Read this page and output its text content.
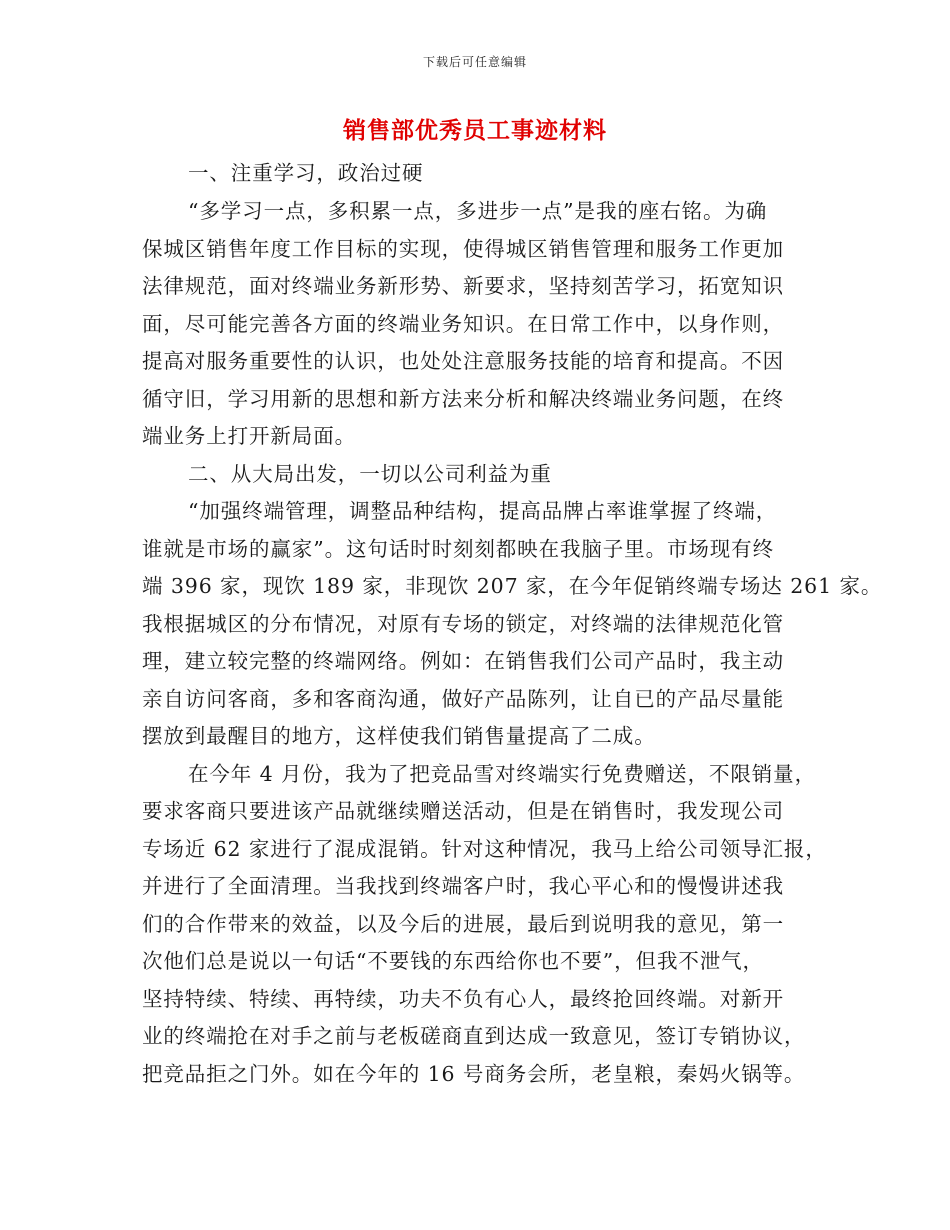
下载后可任意编辑
销售部优秀员工事迹材料
一、注重学习，政治过硬
“多学习一点，多积累一点，多进步一点”是我的座右铭。为确
保城区销售年度工作目标的实现，使得城区销售管理和服务工作更加
法律规范，面对终端业务新形势、新要求，坚持刻苦学习，拓宽知识
面，尽可能完善各方面的终端业务知识。在日常工作中，以身作则，
提高对服务重要性的认识，也处处注意服务技能的培育和提高。不因
循守旧，学习用新的思想和新方法来分析和解决终端业务问题，在终
端业务上打开新局面。
二、从大局出发，一切以公司利益为重
“加强终端管理，调整品种结构，提高品牌占率谁掌握了终端，
谁就是市场的赢家”。这句话时时刻刻都映在我脑子里。市场现有终
端 396 家，现饮 189 家，非现饮 207 家，在今年促销终端专场达 261 家。
我根据城区的分布情况，对原有专场的锁定，对终端的法律规范化管
理，建立较完整的终端网络。例如：在销售我们公司产品时，我主动
亲自访问客商，多和客商沟通，做好产品陈列，让自已的产品尽量能
摆放到最醒目的地方，这样使我们销售量提高了二成。
在今年 4 月份，我为了把竞品雪对终端实行免费赠送，不限销量，
要求客商只要进该产品就继续赠送活动，但是在销售时，我发现公司
专场近 62 家进行了混成混销。针对这种情况，我马上给公司领导汇报，
并进行了全面清理。当我找到终端客户时，我心平心和的慢慢讲述我
们的合作带来的效益，以及今后的进展，最后到说明我的意见，第一
次他们总是说以一句话“不要钱的东西给你也不要”，但我不泄气，
坚持特续、特续、再特续，功夫不负有心人，最终抢回终端。对新开
业的终端抢在对手之前与老板磋商直到达成一致意见，签订专销协议，
把竞品拒之门外。如在今年的 16 号商务会所，老皇粮，秦妈火锅等。
